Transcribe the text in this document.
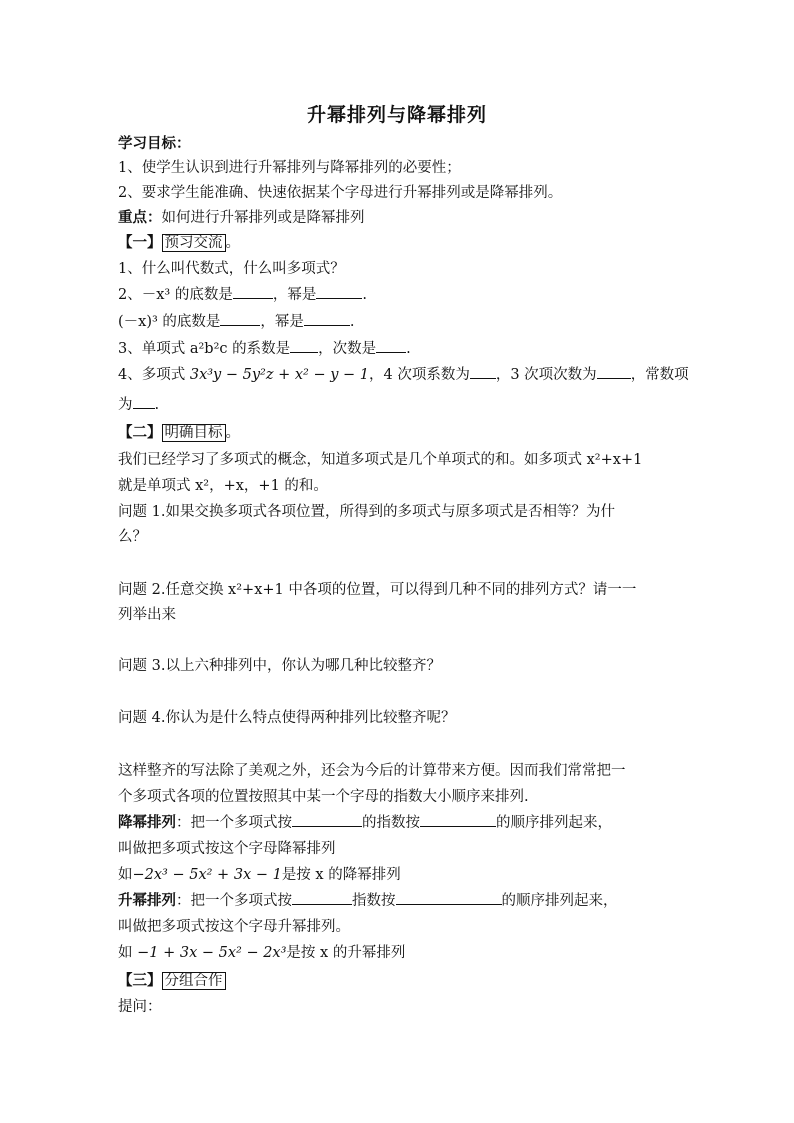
升幂排列与降幂排列
学习目标：
1、使学生认识到进行升幂排列与降幂排列的必要性；
2、要求学生能准确、快速依据某个字母进行升幂排列或是降幂排列。
重点：如何进行升幂排列或是降幂排列
【一】 预习交流 。
1、什么叫代数式，什么叫多项式？
2、－x³ 的底数是	，幂是	.
(－x)³ 的底数是	，幂是	.
3、单项式 a²b²c 的系数是 ，次数是 .
4、多项式 3x³y − 5y²z + x² − y − 1，4 次项系数为 ，3 次项次数为 ，常数项
为 .
【二】 明确目标 。
我们已经学习了多项式的概念，知道多项式是几个单项式的和。如多项式 x²+x+1
就是单项式 x²，+x，+1 的和。
问题 1.如果交换多项式各项位置，所得到的多项式与原多项式是否相等？为什
么？
问题 2.任意交换 x²+x+1 中各项的位置，可以得到几种不同的排列方式？请一一
列举出来
问题 3.以上六种排列中，你认为哪几种比较整齐？
问题 4.你认为是什么特点使得两种排列比较整齐呢？
这样整齐的写法除了美观之外，还会为今后的计算带来方便。因而我们常常把一
个多项式各项的位置按照其中某一个字母的指数大小顺序来排列.
降幂排列：把一个多项式按	的指数按	的顺序排列起来，
叫做把多项式按这个字母降幂排列
如−2x³ − 5x² + 3x − 1是按 x 的降幂排列
升幂排列：把一个多项式按	指数按	的顺序排列起来，
叫做把多项式按这个字母升幂排列。
如 −1 + 3x − 5x² − 2x³是按 x 的升幂排列
【三】 分组合作
提问：
